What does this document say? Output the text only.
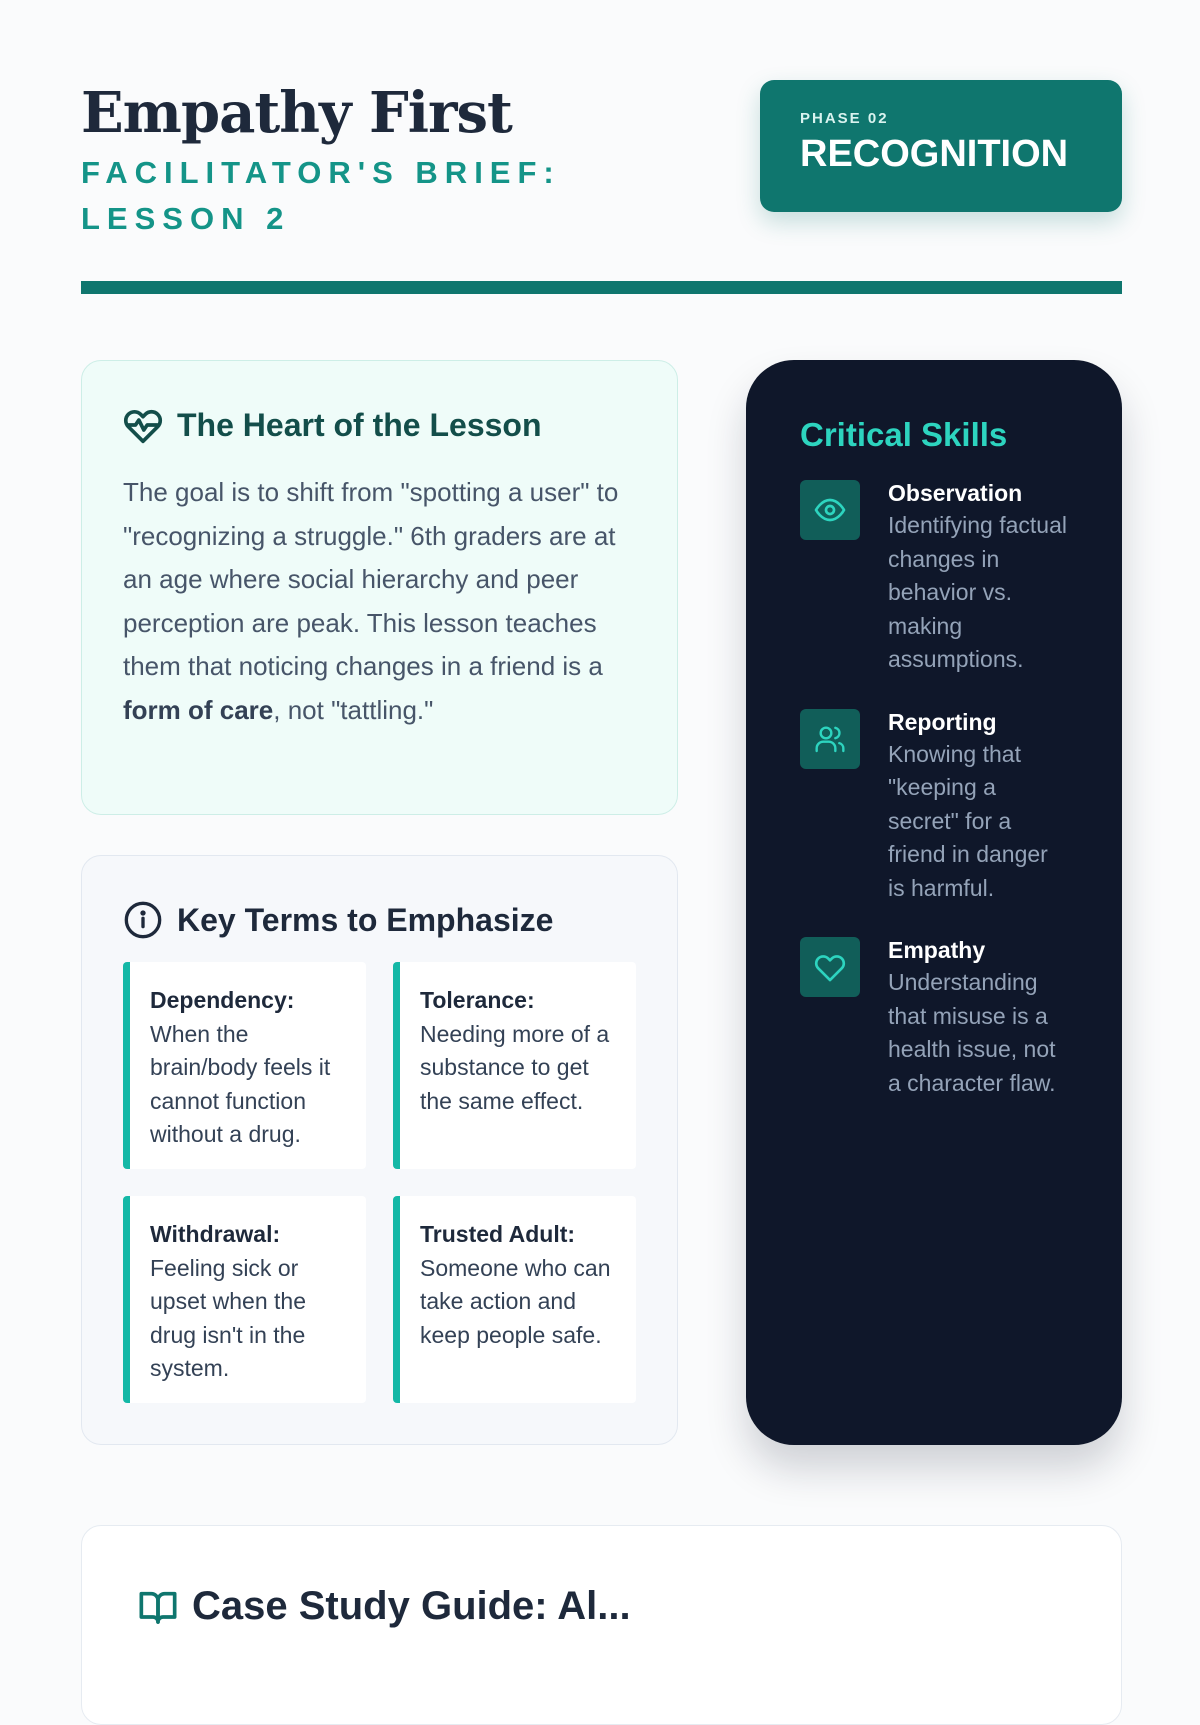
Empathy First
FACILITATOR'S BRIEF: LESSON 2
PHASE 02
RECOGNITION
The Heart of the Lesson

The goal is to shift from "spotting a user" to "recognizing a struggle." 6th graders are at an age where social hierarchy and peer perception are peak. This lesson teaches them that noticing changes in a friend is a form of care, not "tattling."

Key Terms to Emphasize
Dependency:
When the brain/body feels it cannot function without a drug.
Tolerance:
Needing more of a substance to get the same effect.
Withdrawal:
Feeling sick or upset when the drug isn't in the system.
Trusted Adult:
Someone who can take action and keep people safe.
Critical Skills
Observation
Identifying factual changes in behavior vs. making assumptions.
Reporting
Knowing that "keeping a secret" for a friend in danger is harmful.
Empathy
Understanding that misuse is a health issue, not a character flaw.
Case Study Guide: Al...
